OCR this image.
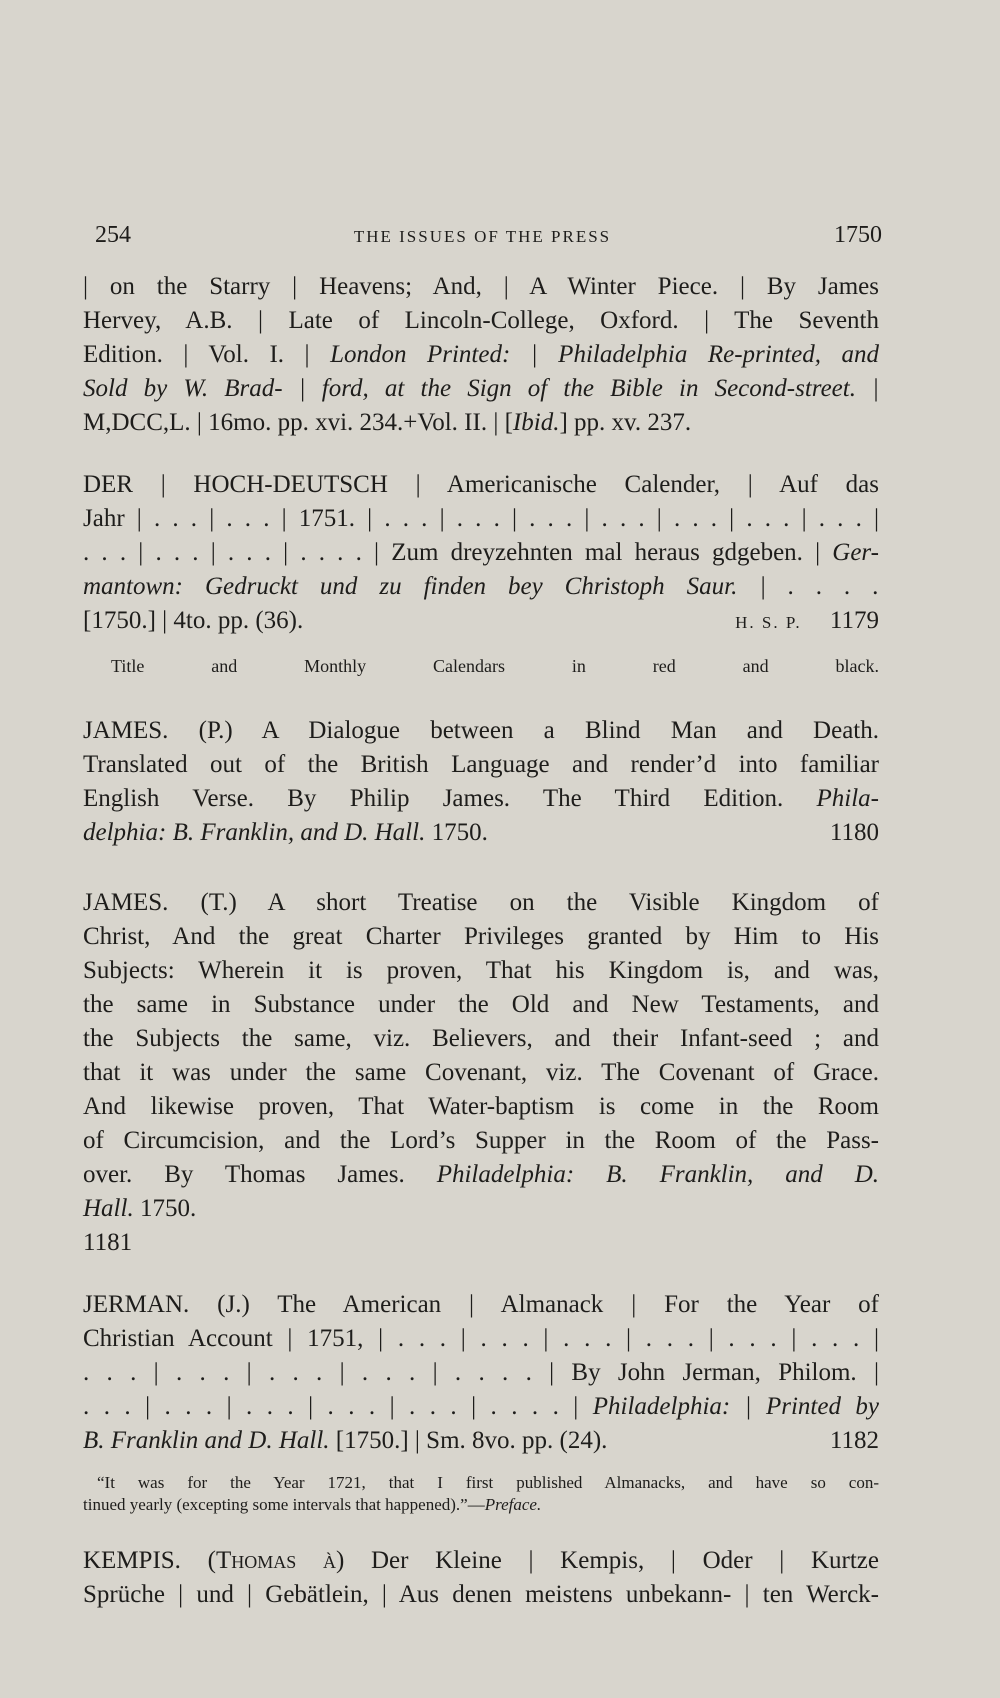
254	THE ISSUES OF THE PRESS	1750

| on the Starry | Heavens; And, | A Winter Piece. | By James

Hervey, A.B. | Late of Lincoln-College, Oxford. | The Seventh

Edition. | Vol. I. | London Printed: | Philadelphia Re-printed, and

Sold by W. Brad- | ford, at the Sign of the Bible in Second-street. |

M,DCC,L. | 16mo. pp. xvi. 234.+Vol. II. | [Ibid.] pp. xv. 237.

DER | HOCH-DEUTSCH | Americanische Calender, | Auf das

Jahr | . . . | . . . | 1751. | . . . | . . . | . . . | . . . | . . . | . . . | . . . |

. . . | . . . | . . . | . . . . | Zum dreyzehnten mal heraus gdgeben. | Ger-

mantown: Gedruckt und zu finden bey Christoph Saur. | . . . .

[1750.] | 4to. pp. (36).	H. S. P. 1179
Title and Monthly Calendars in red and black.

JAMES. (P.) A Dialogue between a Blind Man and Death.

Translated out of the British Language and render’d into familiar

English Verse. By Philip James. The Third Edition. Phila-

delphia: B. Franklin, and D. Hall. 1750.	1180

JAMES. (T.) A short Treatise on the Visible Kingdom of

Christ, And the great Charter Privileges granted by Him to His

Subjects: Wherein it is proven, That his Kingdom is, and was,

the same in Substance under the Old and New Testaments, and

the Subjects the same, viz. Believers, and their Infant-seed ; and

that it was under the same Covenant, viz. The Covenant of Grace.

And likewise proven, That Water-baptism is come in the Room

of Circumcision, and the Lord’s Supper in the Room of the Pass-

over. By Thomas James. Philadelphia: B. Franklin, and D.

Hall. 1750.

1181

JERMAN. (J.) The American | Almanack | For the Year of

Christian Account | 1751, | . . . | . . . | . . . | . . . | . . . | . . . |

. . . | . . . | . . . | . . . | . . . . | By John Jerman, Philom. |

. . . | . . . | . . . | . . . | . . . | . . . . | Philadelphia: | Printed by

B. Franklin and D. Hall. [1750.] | Sm. 8vo. pp. (24).	1182

“It was for the Year 1721, that I first published Almanacks, and have so con-

tinued yearly (excepting some intervals that happened).”—Preface.

KEMPIS. (Thomas à) Der Kleine | Kempis, | Oder | Kurtze

Sprüche | und | Gebätlein, | Aus denen meistens unbekann- | ten Werck-
